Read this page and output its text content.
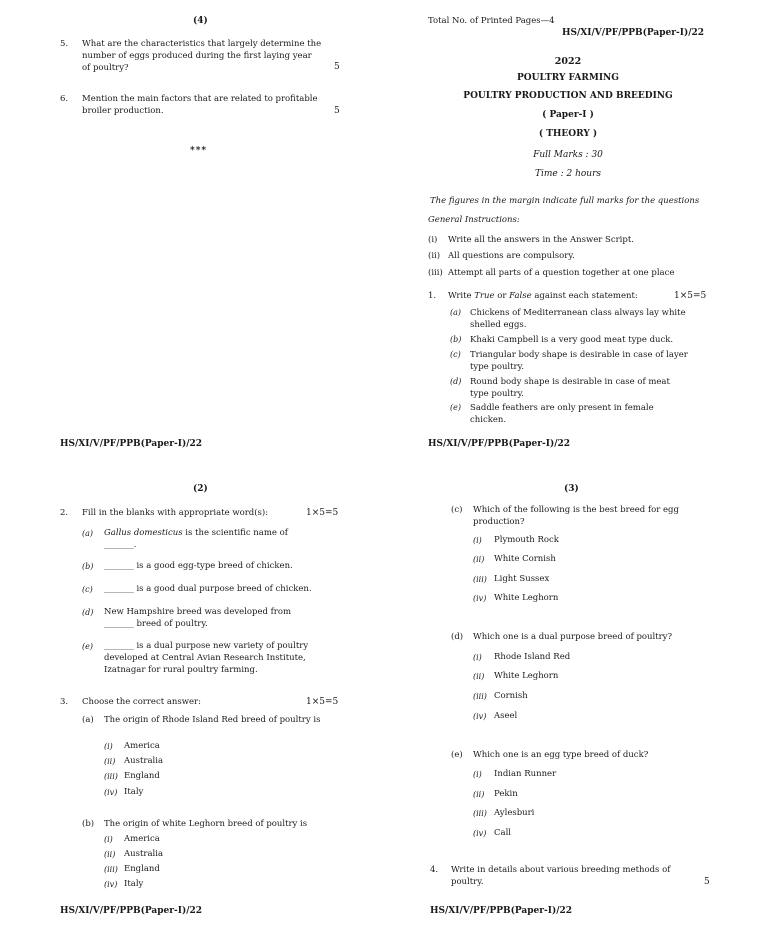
(4)
5. What are the characteristics that largely determine the number of eggs produced during the first laying year of poultry?	5
6. Mention the main factors that are related to profitable broiler production.	5
***
HS/XI/V/PF/PPB(Paper-I)/22
Total No. of Printed Pages—4
HS/XI/V/PF/PPB(Paper-I)/22
2022
POULTRY FARMING
POULTRY PRODUCTION AND BREEDING
( Paper-I )
( THEORY )
Full Marks : 30
Time : 2 hours
The figures in the margin indicate full marks for the questions
General Instructions:
(i) Write all the answers in the Answer Script.
(ii) All questions are compulsory.
(iii) Attempt all parts of a question together at one place
1. Write True or False against each statement:	1×5=5
(a) Chickens of Mediterranean class always lay white shelled eggs.
(b) Khaki Campbell is a very good meat type duck.
(c) Triangular body shape is desirable in case of layer type poultry.
(d) Round body shape is desirable in case of meat type poultry.
(e) Saddle feathers are only present in female chicken.
HS/XI/V/PF/PPB(Paper-I)/22
(2)
2. Fill in the blanks with appropriate word(s):	1×5=5
(a) Gallus domesticus is the scientific name of
_______.
(b) _______ is a good egg-type breed of chicken.
(c) _______ is a good dual purpose breed of chicken.
(d) New Hampshire breed was developed from
_______ breed of poultry.
(e) _______ is a dual purpose new variety of poultry developed at Central Avian Research Institute, Izatnagar for rural poultry farming.
3. Choose the correct answer:	1×5=5
(a) The origin of Rhode Island Red breed of poultry is
(i) America
(ii) Australia
(iii) England
(iv) Italy
(b) The origin of white Leghorn breed of poultry is
(i) America
(ii) Australia
(iii) England
(iv) Italy
HS/XI/V/PF/PPB(Paper-I)/22
(3)
(c) Which of the following is the best breed for egg production?
(i) Plymouth Rock
(ii) White Cornish
(iii) Light Sussex
(iv) White Leghorn
(d) Which one is a dual purpose breed of poultry?
(i) Rhode Island Red
(ii) White Leghorn
(iii) Cornish
(iv) Aseel
(e) Which one is an egg type breed of duck?
(i) Indian Runner
(ii) Pekin
(iii) Aylesburi
(iv) Call
4. Write in details about various breeding methods of poultry.	5
HS/XI/V/PF/PPB(Paper-I)/22
